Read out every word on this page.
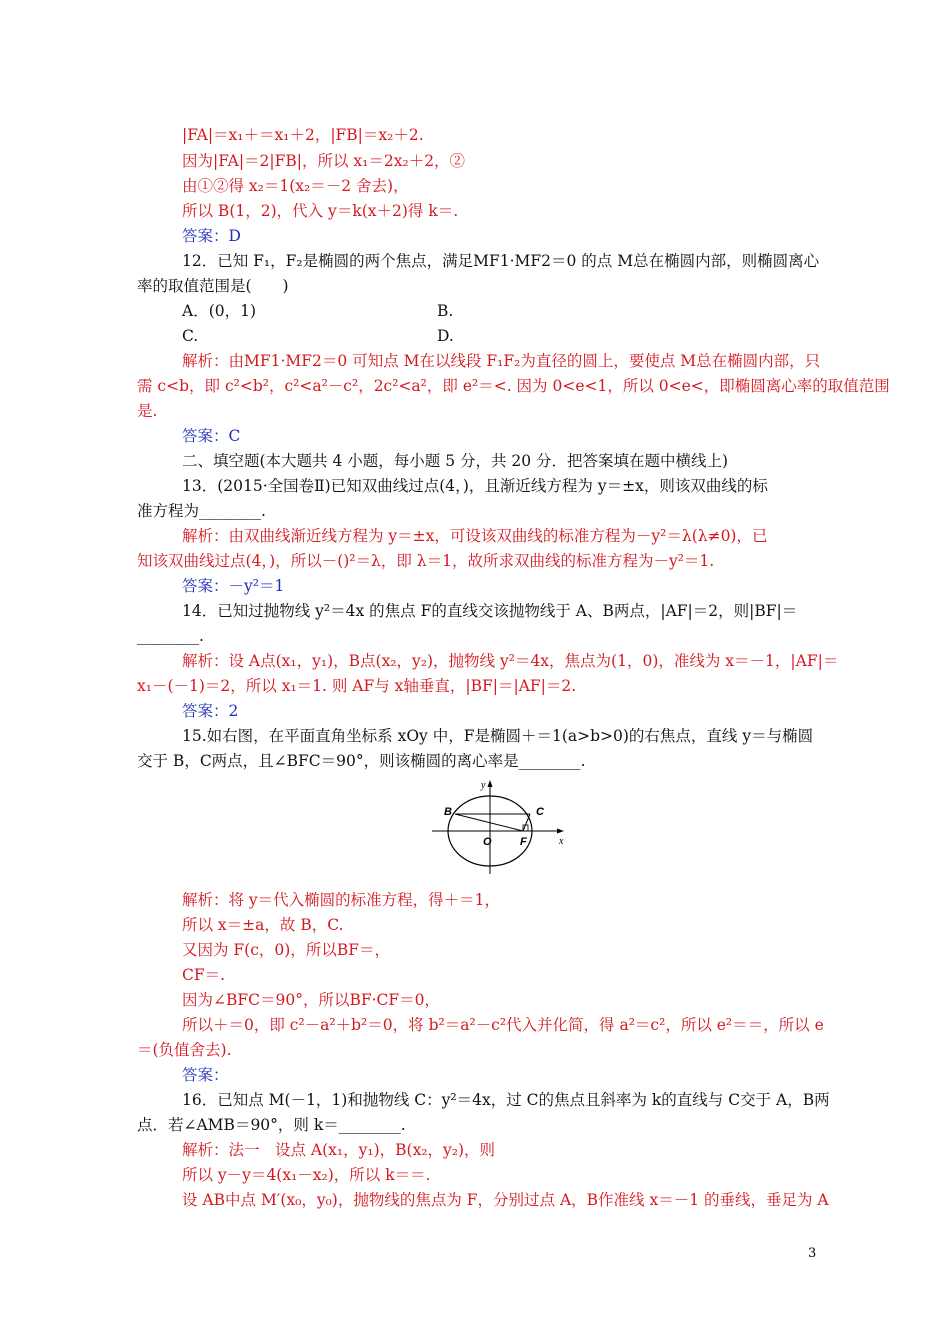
|FA|＝x₁＋＝x₁＋2，|FB|＝x₂＋2.
因为|FA|＝2|FB|，所以 x₁＝2x₂＋2，②
由①②得 x₂＝1(x₂＝－2 舍去)，
所以 B(1，2)，代入 y＝k(x＋2)得 k＝.
答案：D
12．已知 F₁，F₂是椭圆的两个焦点，满足MF1·MF2＝0 的点 M总在椭圆内部，则椭圆离心
率的取值范围是(　　)
A．(0，1)	B.
C.	D.
解析：由MF1·MF2＝0 可知点 M在以线段 F₁F₂为直径的圆上，要使点 M总在椭圆内部，只
需 c<b，即 c²<b²，c²<a²－c²，2c²<a²，即 e²＝<. 因为 0<e<1，所以 0<e<，即椭圆离心率的取值范围
是.
答案：C
二、填空题(本大题共 4 小题，每小题 5 分，共 20 分．把答案填在题中横线上)
13．(2015·全国卷Ⅱ)已知双曲线过点(4，)，且渐近线方程为 y＝±x，则该双曲线的标
准方程为________.
解析：由双曲线渐近线方程为 y＝±x，可设该双曲线的标准方程为－y²＝λ(λ≠0)，已
知该双曲线过点(4，)，所以－()²＝λ，即 λ＝1，故所求双曲线的标准方程为－y²＝1.
答案：－y²＝1
14．已知过抛物线 y²＝4x 的焦点 F的直线交该抛物线于 A、B两点，|AF|＝2，则|BF|＝
________.
解析：设 A点(x₁，y₁)，B点(x₂，y₂)，抛物线 y²＝4x，焦点为(1，0)，准线为 x＝－1，|AF|＝
x₁－(－1)＝2，所以 x₁＝1. 则 AF与 x轴垂直，|BF|＝|AF|＝2.
答案：2
15.如右图，在平面直角坐标系 xOy 中，F是椭圆＋＝1(a>b>0)的右焦点，直线 y＝与椭圆
交于 B，C两点，且∠BFC＝90°，则该椭圆的离心率是________.
解析：将 y＝代入椭圆的标准方程，得＋＝1，
所以 x＝±a，故 B，C.
又因为 F(c，0)，所以BF＝，
CF＝.
因为∠BFC＝90°，所以BF·CF＝0，
所以＋＝0，即 c²－a²＋b²＝0，将 b²＝a²－c²代入并化简，得 a²＝c²，所以 e²＝＝，所以 e
＝(负值舍去).
答案：
16．已知点 M(－1，1)和抛物线 C：y²＝4x，过 C的焦点且斜率为 k的直线与 C交于 A，B两
点．若∠AMB＝90°，则 k＝________.
解析：法一　设点 A(x₁，y₁)，B(x₂，y₂)，则
所以 y－y＝4(x₁－x₂)，所以 k＝＝.
设 AB中点 M′(x₀，y₀)，抛物线的焦点为 F，分别过点 A，B作准线 x＝－1 的垂线，垂足为 A
y
x
B	C
O	F
3
